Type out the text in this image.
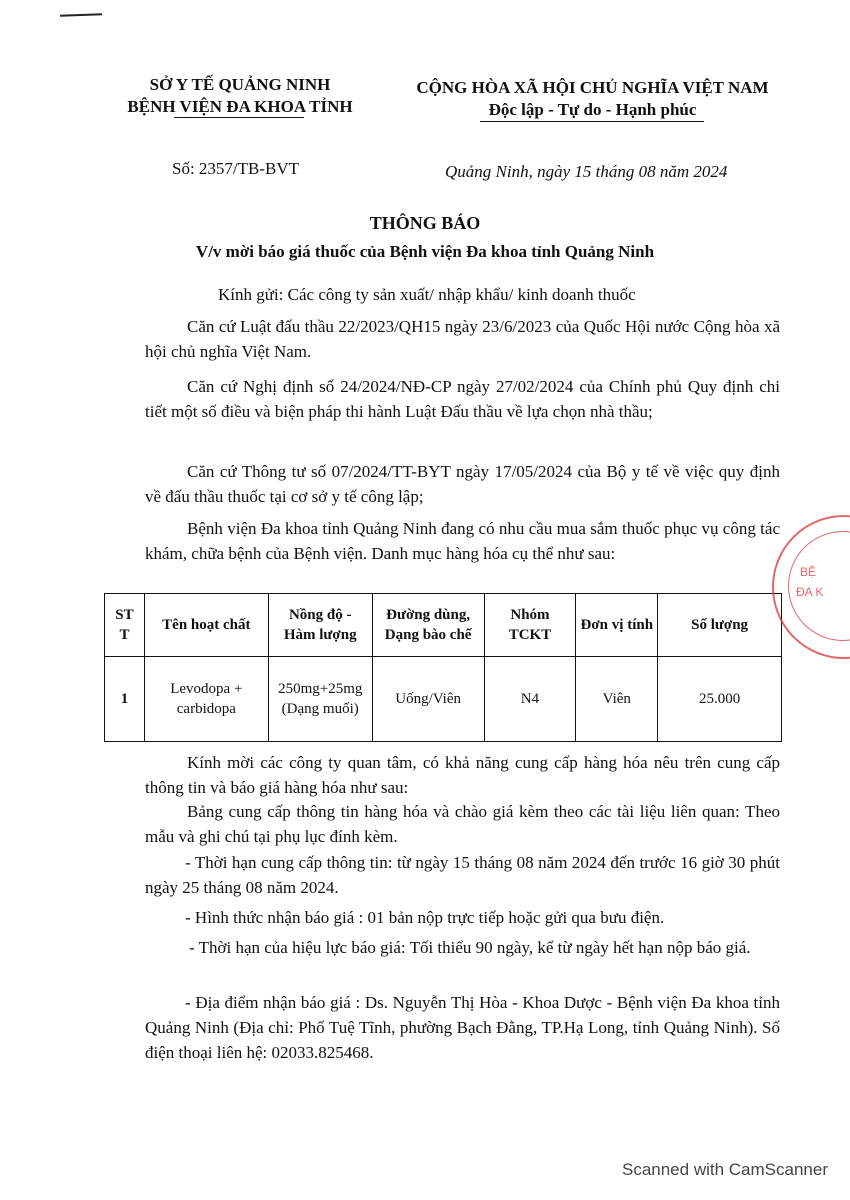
SỞ Y TẾ QUẢNG NINH
BỆNH VIỆN ĐA KHOA TỈNH
Số: 2357/TB-BVT
CỘNG HÒA XÃ HỘI CHỦ NGHĨA VIỆT NAM
Độc lập - Tự do - Hạnh phúc
Quảng Ninh, ngày 15 tháng 08 năm 2024
THÔNG BÁO
V/v mời báo giá thuốc của Bệnh viện Đa khoa tỉnh Quảng Ninh
Kính gửi: Các công ty sản xuất/ nhập khẩu/ kinh doanh thuốc
Căn cứ Luật đấu thầu 22/2023/QH15 ngày 23/6/2023 của Quốc Hội nước Cộng hòa xã hội chủ nghĩa Việt Nam.
Căn cứ Nghị định số 24/2024/NĐ-CP ngày 27/02/2024 của Chính phủ Quy định chi tiết một số điều và biện pháp thi hành Luật Đấu thầu về lựa chọn nhà thầu;
Căn cứ Thông tư số 07/2024/TT-BYT ngày 17/05/2024 của Bộ y tế về việc quy định về đấu thầu thuốc tại cơ sở y tế công lập;
Bệnh viện Đa khoa tỉnh Quảng Ninh đang có nhu cầu mua sắm thuốc phục vụ công tác khám, chữa bệnh của Bệnh viện. Danh mục hàng hóa cụ thể như sau:
ST T	Tên hoạt chất	Nồng độ - Hàm lượng	Đường dùng, Dạng bào chế	Nhóm TCKT	Đơn vị tính	Số lượng
1	Levodopa + carbidopa	250mg+25mg (Dạng muối)	Uống/Viên	N4	Viên	25.000
Kính mời các công ty quan tâm, có khả năng cung cấp hàng hóa nêu trên cung cấp thông tin và báo giá hàng hóa như sau:
Bảng cung cấp thông tin hàng hóa và chào giá kèm theo các tài liệu liên quan: Theo mẫu và ghi chú tại phụ lục đính kèm.
- Thời hạn cung cấp thông tin: từ ngày 15 tháng 08 năm 2024 đến trước 16 giờ 30 phút ngày 25 tháng 08 năm 2024.
- Hình thức nhận báo giá : 01 bản nộp trực tiếp hoặc gửi qua bưu điện.
- Thời hạn của hiệu lực báo giá: Tối thiểu 90 ngày, kể từ ngày hết hạn nộp báo giá.
- Địa điểm nhận báo giá : Ds. Nguyễn Thị Hòa - Khoa Dược - Bệnh viện Đa khoa tỉnh Quảng Ninh (Địa chỉ: Phố Tuệ Tĩnh, phường Bạch Đằng, TP.Hạ Long, tỉnh Quảng Ninh). Số điện thoại liên hệ: 02033.825468.
BỆ
ĐA K
Scanned with CamScanner
